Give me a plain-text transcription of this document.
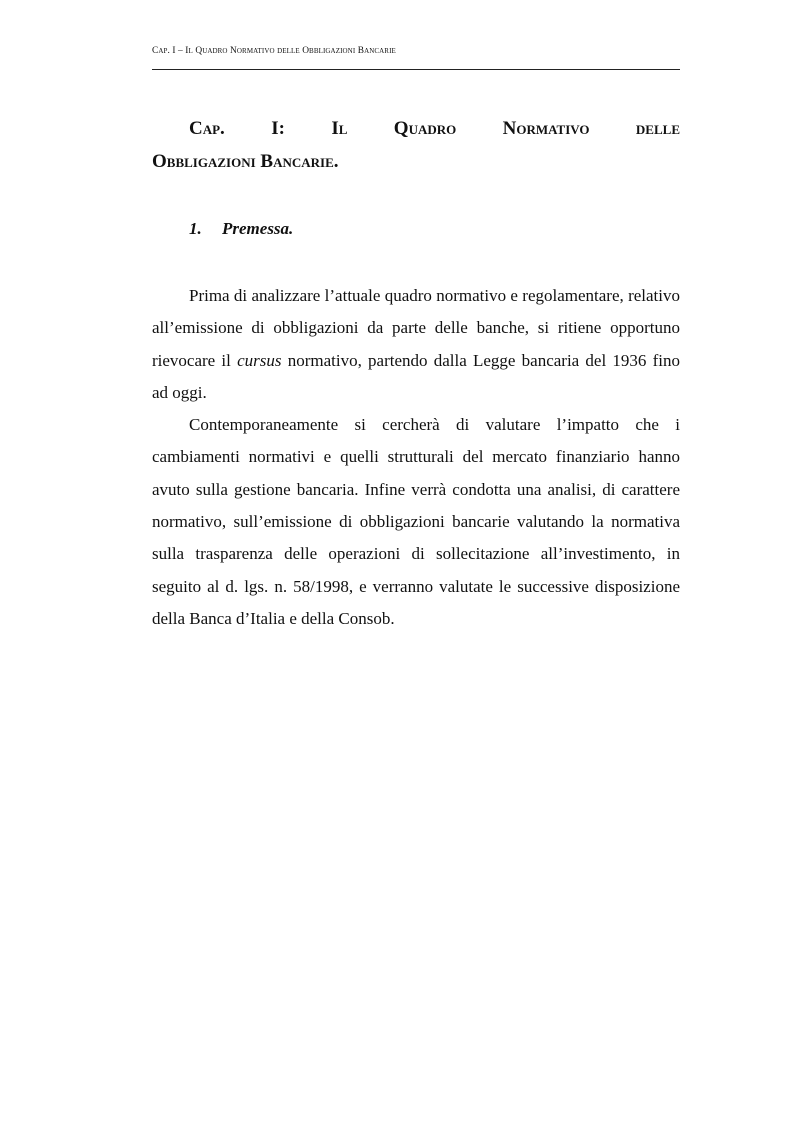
Cap. I – Il Quadro Normativo delle Obbligazioni Bancarie
Cap. I: Il Quadro Normativo delle
Obbligazioni Bancarie.
1. Premessa.

Prima di analizzare l’attuale quadro normativo e regolamentare, relativo all’emissione di obbligazioni da parte delle banche, si ritiene opportuno rievocare il cursus normativo, partendo dalla Legge bancaria del 1936 fino ad oggi.

Contemporaneamente si cercherà di valutare l’impatto che i cambiamenti normativi e quelli strutturali del mercato finanziario hanno avuto sulla gestione bancaria. Infine verrà condotta una analisi, di carattere normativo, sull’emissione di obbligazioni bancarie valutando la normativa sulla trasparenza delle operazioni di sollecitazione all’investimento, in seguito al d. lgs. n. 58/1998, e verranno valutate le successive disposizione della Banca d’Italia e della Consob.
